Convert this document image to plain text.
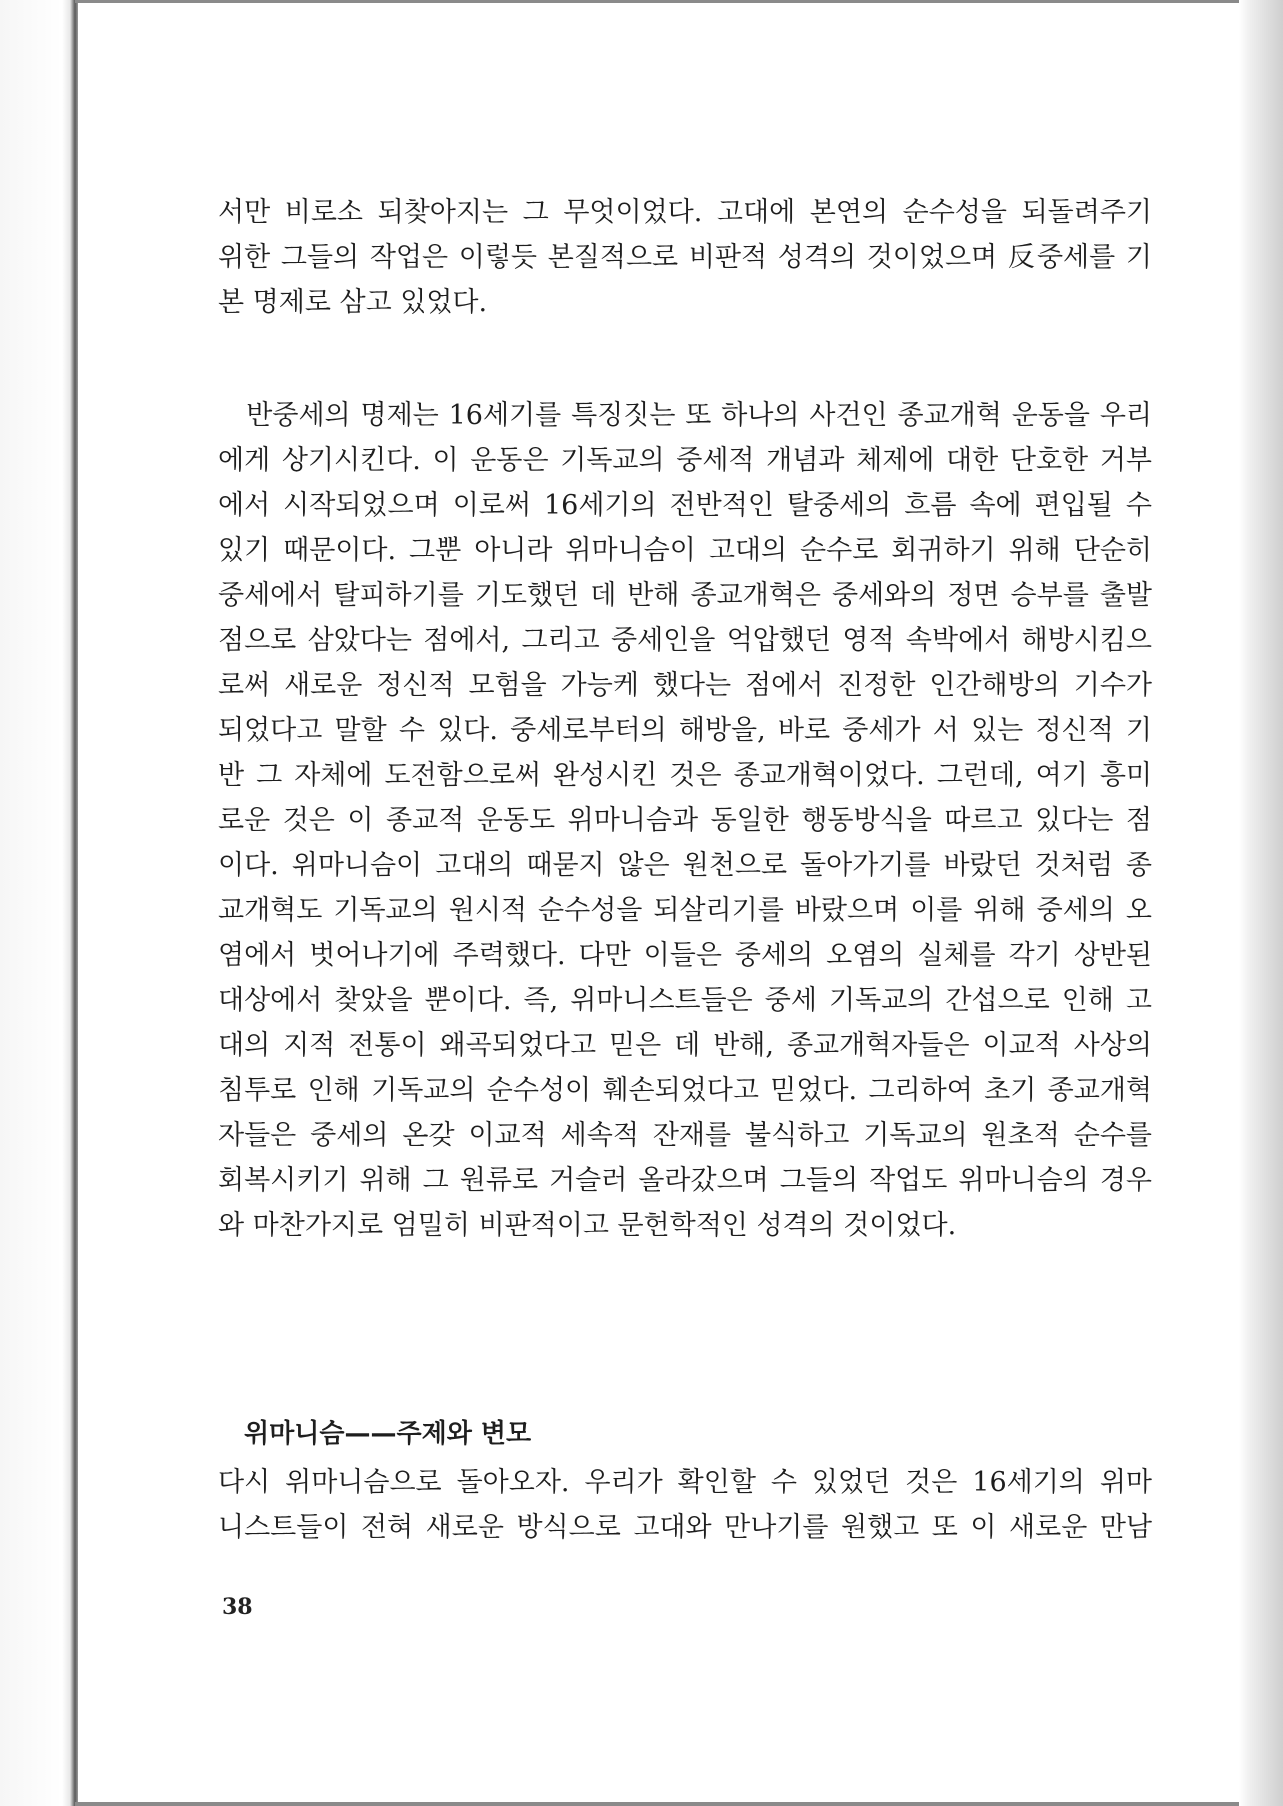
서만 비로소 되찾아지는 그 무엇이었다. 고대에 본연의 순수성을 되돌려주기
위한 그들의 작업은 이렇듯 본질적으로 비판적 성격의 것이었으며 反중세를 기
본 명제로 삼고 있었다.
　반중세의 명제는 16세기를 특징짓는 또 하나의 사건인 종교개혁 운동을 우리
에게 상기시킨다. 이 운동은 기독교의 중세적 개념과 체제에 대한 단호한 거부
에서 시작되었으며 이로써 16세기의 전반적인 탈중세의 흐름 속에 편입될 수
있기 때문이다. 그뿐 아니라 위마니슴이 고대의 순수로 회귀하기 위해 단순히
중세에서 탈피하기를 기도했던 데 반해 종교개혁은 중세와의 정면 승부를 출발
점으로 삼았다는 점에서, 그리고 중세인을 억압했던 영적 속박에서 해방시킴으
로써 새로운 정신적 모험을 가능케 했다는 점에서 진정한 인간해방의 기수가
되었다고 말할 수 있다. 중세로부터의 해방을, 바로 중세가 서 있는 정신적 기
반 그 자체에 도전함으로써 완성시킨 것은 종교개혁이었다. 그런데, 여기 흥미
로운 것은 이 종교적 운동도 위마니슴과 동일한 행동방식을 따르고 있다는 점
이다. 위마니슴이 고대의 때묻지 않은 원천으로 돌아가기를 바랐던 것처럼 종
교개혁도 기독교의 원시적 순수성을 되살리기를 바랐으며 이를 위해 중세의 오
염에서 벗어나기에 주력했다. 다만 이들은 중세의 오염의 실체를 각기 상반된
대상에서 찾았을 뿐이다. 즉, 위마니스트들은 중세 기독교의 간섭으로 인해 고
대의 지적 전통이 왜곡되었다고 믿은 데 반해, 종교개혁자들은 이교적 사상의
침투로 인해 기독교의 순수성이 훼손되었다고 믿었다. 그리하여 초기 종교개혁
자들은 중세의 온갖 이교적 세속적 잔재를 불식하고 기독교의 원초적 순수를
회복시키기 위해 그 원류로 거슬러 올라갔으며 그들의 작업도 위마니슴의 경우
와 마찬가지로 엄밀히 비판적이고 문헌학적인 성격의 것이었다.
위마니슴——주제와 변모
다시 위마니슴으로 돌아오자. 우리가 확인할 수 있었던 것은 16세기의 위마
니스트들이 전혀 새로운 방식으로 고대와 만나기를 원했고 또 이 새로운 만남
38
